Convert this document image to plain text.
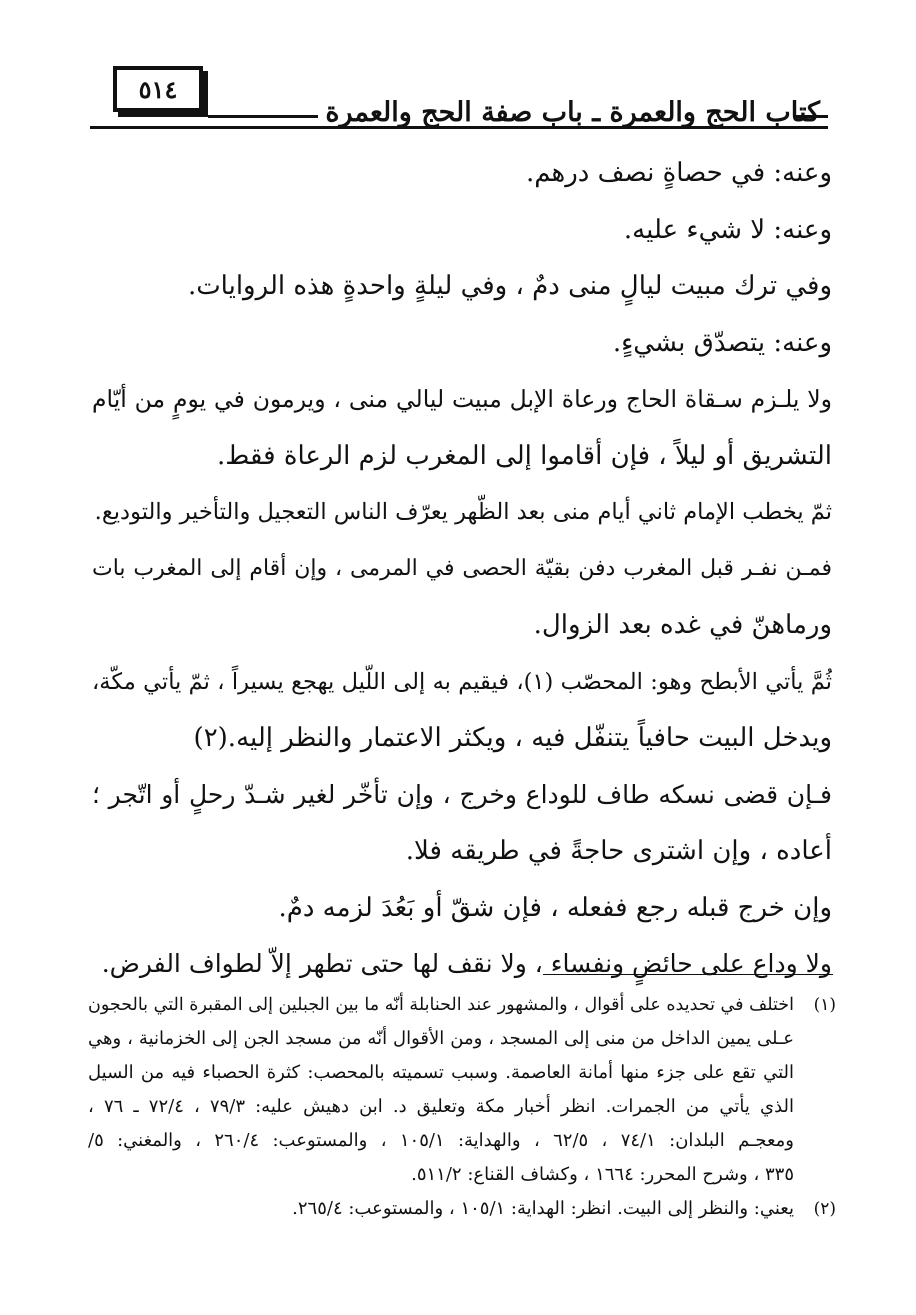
٥١٤
كتاب الحج والعمرة ـ باب صفة الحج والعمرة
وعنه: في حصاةٍ نصف درهم.
وعنه: لا شيء عليه.
وفي ترك مبيت ليالٍ منى دمٌ ، وفي ليلةٍ واحدةٍ هذه الروايات.
وعنه: يتصدّق بشيءٍ.
ولا يلـزم سـقاة الحاج ورعاة الإبل مبيت ليالي منى ، ويرمون في يومٍ من أيّام
التشريق أو ليلاً ، فإن أقاموا إلى المغرب لزم الرعاة فقط.
ثمّ يخطب الإمام ثاني أيام منى بعد الظّهر يعرّف الناس التعجيل والتأخير والتوديع.
فمـن نفـر قبل المغرب دفن بقيّة الحصى في المرمى ، وإن أقام إلى المغرب بات
ورماهنّ في غده بعد الزوال.
ثُمَّ يأتي الأبطح وهو: المحصّب (١)، فيقيم به إلى اللّيل يهجع يسيراً ، ثمّ يأتي مكّة،
ويدخل البيت حافياً يتنفّل فيه ، ويكثر الاعتمار والنظر إليه.(٢)
فـإن قضى نسكه طاف للوداع وخرج ، وإن تأخّر لغير شـدّ رحلٍ أو اتّجر ؛
أعاده ، وإن اشترى حاجةً في طريقه فلا.
وإن خرج قبله رجع ففعله ، فإن شقّ أو بَعُدَ لزمه دمٌ.
ولا وداع على حائضٍ ونفساء ، ولا نقف لها حتى تطهر إلاّ لطواف الفرض.
(١)
اختلف في تحديده على أقوال ، والمشهور عند الحنابلة أنّه ما بين الجبلين إلى المقبرة التي بالحجون
عـلى يمين الداخل من منى إلى المسجد ، ومن الأقوال أنّه من مسجد الجن إلى الخزمانية ، وهي
التي تقع على جزء منها أمانة العاصمة. وسبب تسميته بالمحصب: كثرة الحصباء فيه من السيل
الذي يأتي من الجمرات. انظر أخبار مكة وتعليق د. ابن دهيش عليه: ٧٩/٣ ، ٧٢/٤ ـ ٧٦ ،
ومعجـم البلدان: ٧٤/١ ، ٦٢/٥ ، والهداية: ١٠٥/١ ، والمستوعب: ٢٦٠/٤ ، والمغني: ٥/
٣٣٥ ، وشرح المحرر: ١٦٦٤ ، وكشاف القناع: ٥١١/٢.
(٢)
يعني: والنظر إلى البيت. انظر: الهداية: ١٠٥/١ ، والمستوعب: ٢٦٥/٤.
